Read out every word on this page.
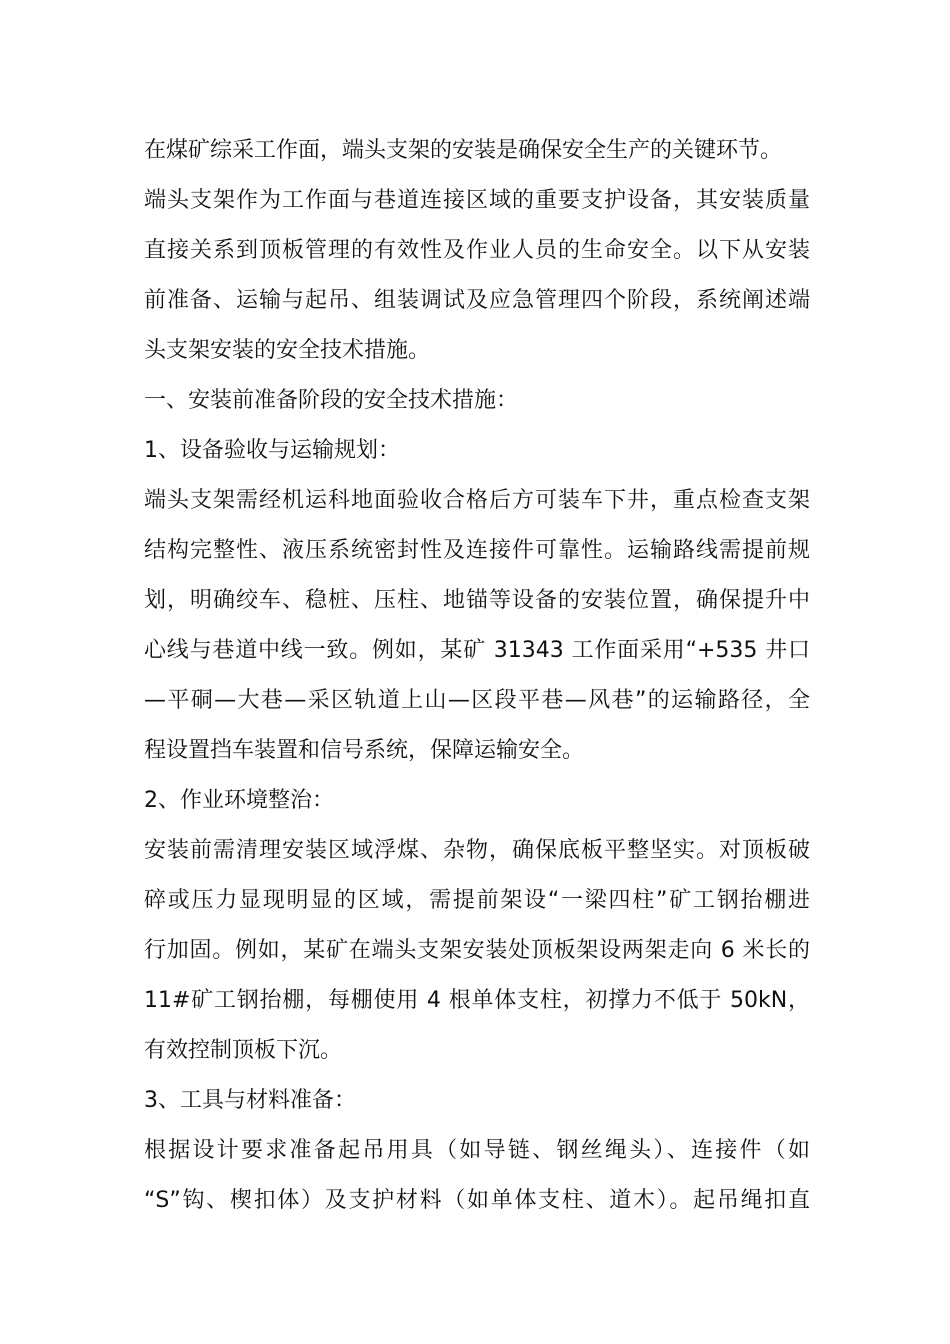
在煤矿综采工作面，端头支架的安装是确保安全生产的关键环节。
端头支架作为工作面与巷道连接区域的重要支护设备，其安装质量
直接关系到顶板管理的有效性及作业人员的生命安全。以下从安装
前准备、运输与起吊、组装调试及应急管理四个阶段，系统阐述端
头支架安装的安全技术措施。
一、安装前准备阶段的安全技术措施：
1、设备验收与运输规划：
端头支架需经机运科地面验收合格后方可装车下井，重点检查支架
结构完整性、液压系统密封性及连接件可靠性。运输路线需提前规
划，明确绞车、稳桩、压柱、地锚等设备的安装位置，确保提升中
心线与巷道中线一致。例如，某矿 31343 工作面采用“+535 井口
—平硐—大巷—采区轨道上山—区段平巷—风巷”的运输路径，全
程设置挡车装置和信号系统，保障运输安全。
2、作业环境整治：
安装前需清理安装区域浮煤、杂物，确保底板平整坚实。对顶板破
碎或压力显现明显的区域，需提前架设“一梁四柱”矿工钢抬棚进
行加固。例如，某矿在端头支架安装处顶板架设两架走向 6 米长的
11#矿工钢抬棚，每棚使用 4 根单体支柱，初撑力不低于 50kN，
有效控制顶板下沉。
3、工具与材料准备：
根据设计要求准备起吊用具（如导链、钢丝绳头）、连接件（如
“S”钩、楔扣体）及支护材料（如单体支柱、道木）。起吊绳扣直
